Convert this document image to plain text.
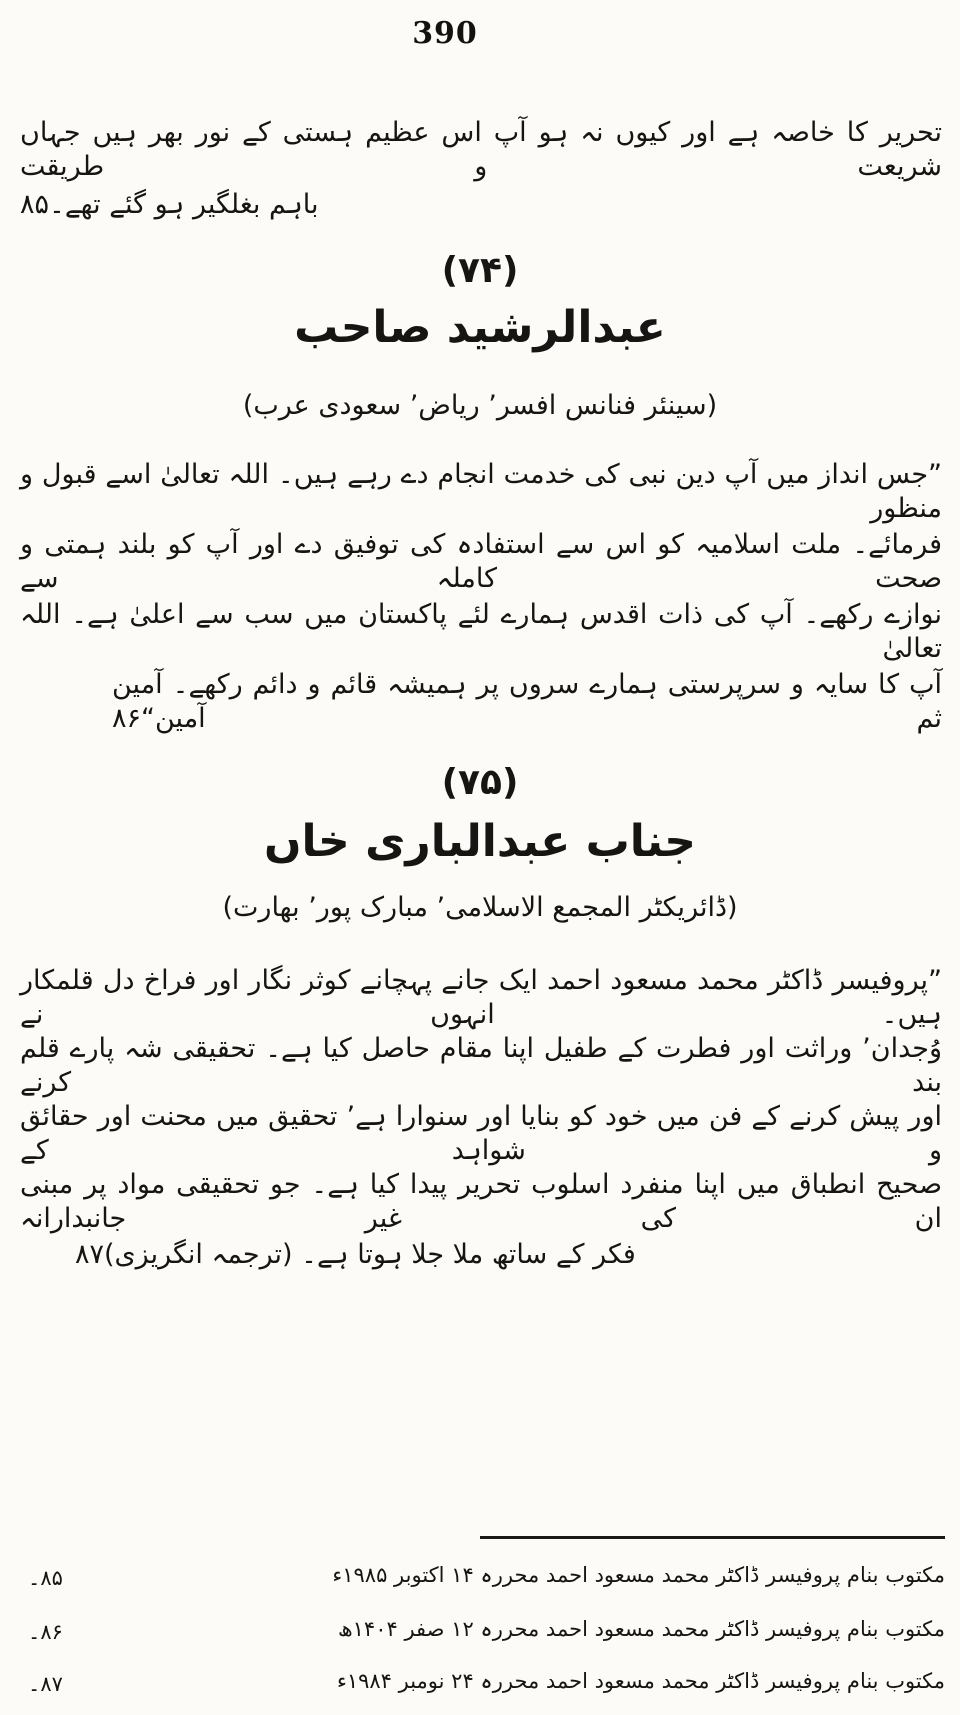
390
تحریر کا خاصہ ہے اور کیوں نہ ہو آپ اس عظیم ہستی کے نور بھر ہیں جہاں شریعت و طریقت
باہم بغلگیر ہو گئے تھے۔۸۵
(۷۴)
عبدالرشید صاحب
(سینئر فنانس افسر’ ریاض’ سعودی عرب)
”جس انداز میں آپ دین نبی کی خدمت انجام دے رہے ہیں۔ اللہ تعالیٰ اسے قبول و منظور
فرمائے۔ ملت اسلامیہ کو اس سے استفادہ کی توفیق دے اور آپ کو بلند ہمتی و صحت کاملہ سے
نوازے رکھے۔ آپ کی ذات اقدس ہمارے لئے پاکستان میں سب سے اعلیٰ ہے۔ اللہ تعالیٰ
آپ کا سایہ و سرپرستی ہمارے سروں پر ہمیشہ قائم و دائم رکھے۔ آمین ثم آمین“۸۶
(۷۵)
جناب عبدالباری خاں
(ڈائریکٹر المجمع الاسلامی’ مبارک پور’ بھارت)
”پروفیسر ڈاکٹر محمد مسعود احمد ایک جانے پہچانے کوثر نگار اور فراخ دل قلمکار ہیں۔ انہوں نے
وُجدان’ وراثت اور فطرت کے طفیل اپنا مقام حاصل کیا ہے۔ تحقیقی شہ پارے قلم بند کرنے
اور پیش کرنے کے فن میں خود کو بنایا اور سنوارا ہے’ تحقیق میں محنت اور حقائق و شواہد کے
صحیح انطباق میں اپنا منفرد اسلوب تحریر پیدا کیا ہے۔ جو تحقیقی مواد پر مبنی ان کی غیر جانبدارانہ
فکر کے ساتھ ملا جلا ہوتا ہے۔ (ترجمہ انگریزی)۸۷
۸۵۔	مکتوب بنام پروفیسر ڈاکٹر محمد مسعود احمد محررہ ۱۴ اکتوبر ۱۹۸۵ء
۸۶۔	مکتوب بنام پروفیسر ڈاکٹر محمد مسعود احمد محررہ ۱۲ صفر ۱۴۰۴ھ
۸۷۔	مکتوب بنام پروفیسر ڈاکٹر محمد مسعود احمد محررہ ۲۴ نومبر ۱۹۸۴ء
